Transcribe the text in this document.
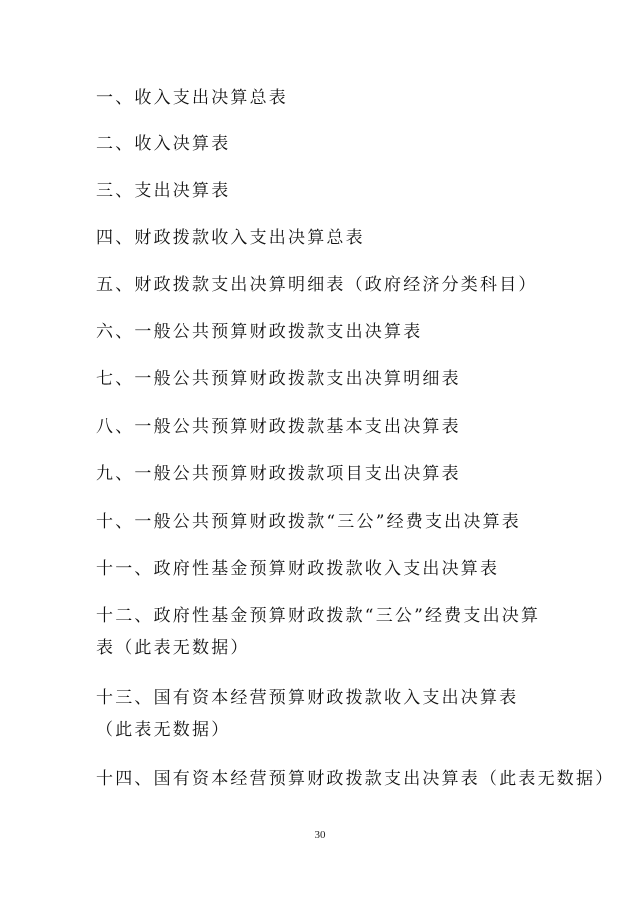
一、收入支出决算总表
二、收入决算表
三、支出决算表
四、财政拨款收入支出决算总表
五、财政拨款支出决算明细表（政府经济分类科目）
六、一般公共预算财政拨款支出决算表
七、一般公共预算财政拨款支出决算明细表
八、一般公共预算财政拨款基本支出决算表
九、一般公共预算财政拨款项目支出决算表
十、一般公共预算财政拨款“三公”经费支出决算表
十一、政府性基金预算财政拨款收入支出决算表
十二、政府性基金预算财政拨款“三公”经费支出决算表（此表无数据）
十三、国有资本经营预算财政拨款收入支出决算表（此表无数据）
十四、国有资本经营预算财政拨款支出决算表（此表无数据）
30
